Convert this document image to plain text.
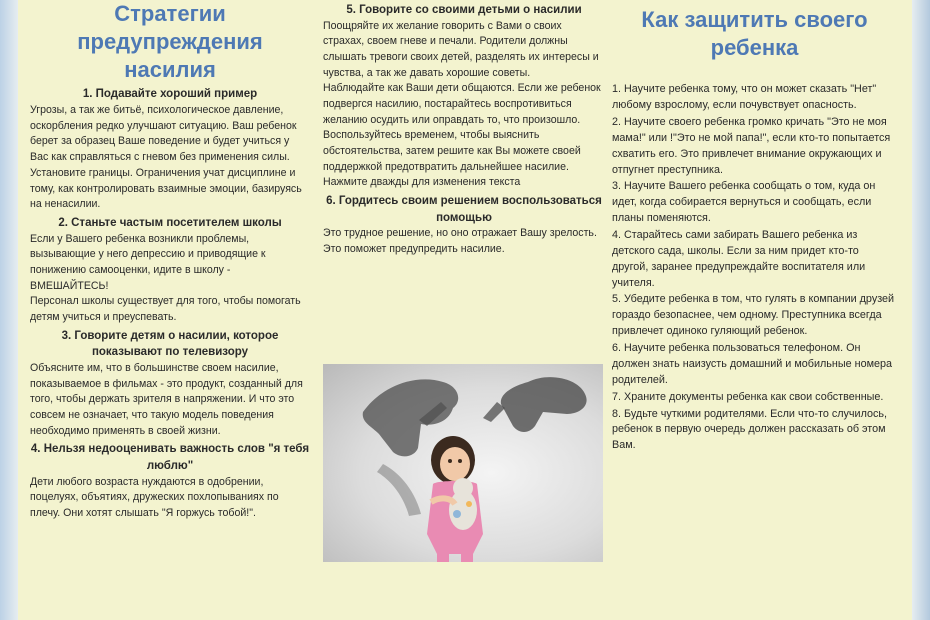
Стратегии предупреждения насилия
1. Подавайте хороший пример

Угрозы, а так же битьё, психологическое давление, оскорбления редко улучшают ситуацию. Ваш ребенок берет за образец Ваше поведение и будет учиться у Вас как справляться с гневом без применения силы. Установите границы. Ограничения учат дисциплине и тому, как контролировать взаимные эмоции, базируясь на ненасилии.

2. Станьте частым посетителем школы

Если у Вашего ребенка возникли проблемы, вызывающие у него депрессию и приводящие к понижению самооценки, идите в школу - ВМЕШАЙТЕСЬ!

Персонал школы существует для того, чтобы помогать детям учиться и преуспевать.

3. Говорите детям о насилии, которое показывают по телевизору

Объясните им, что в большинстве своем насилие, показываемое в фильмах - это продукт, созданный для того, чтобы держать зрителя в напряжении. И что это совсем не означает, что такую модель поведения необходимо применять в своей жизни.

4. Нельзя недооценивать важность слов "я тебя люблю"

Дети любого возраста нуждаются в одобрении, поцелуях, объятиях, дружеских похлопываниях по плечу. Они хотят слышать "Я горжусь тобой!".

5. Говорите со своими детьми о насилии

Поощряйте их желание говорить с Вами о своих страхах, своем гневе и печали. Родители должны слышать тревоги своих детей, разделять их интересы и чувства, а так же давать хорошие советы.

Наблюдайте как Ваши дети общаются. Если же ребенок подвергся насилию, постарайтесь воспротивиться желанию осудить или оправдать то, что произошло.

Воспользуйтесь временем, чтобы выяснить обстоятельства, затем решите как Вы можете своей поддержкой предотвратить дальнейшее насилие.

Нажмите дважды для изменения текста

6. Гордитесь своим решением воспользоваться помощью

Это трудное решение, но оно отражает Вашу зрелость. Это поможет предупредить насилие.

Как защитить своего ребенка

1. Научите ребенка тому, что он может сказать "Нет" любому взрослому, если почувствует опасность.

2. Научите своего ребенка громко кричать "Это не моя мама!" или !"Это не мой папа!", если кто-то попытается схватить его. Это привлечет внимание окружающих и отпугнет преступника.

3. Научите Вашего ребенка сообщать о том, куда он идет, когда собирается вернуться и сообщать, если планы поменяются.

4. Старайтесь сами забирать Вашего ребенка из детского сада, школы. Если за ним придет кто-то другой, заранее предупреждайте воспитателя или учителя.

5. Убедите ребенка в том, что гулять в компании друзей гораздо безопаснее, чем одному. Преступника всегда привлечет одиноко гуляющий ребенок.

6. Научите ребенка пользоваться телефоном. Он должен знать наизусть домашний и мобильные номера родителей.

7. Храните документы ребенка как свои собственные.

8. Будьте чуткими родителями. Если что-то случилось, ребенок в первую очередь должен рассказать об этом Вам.
